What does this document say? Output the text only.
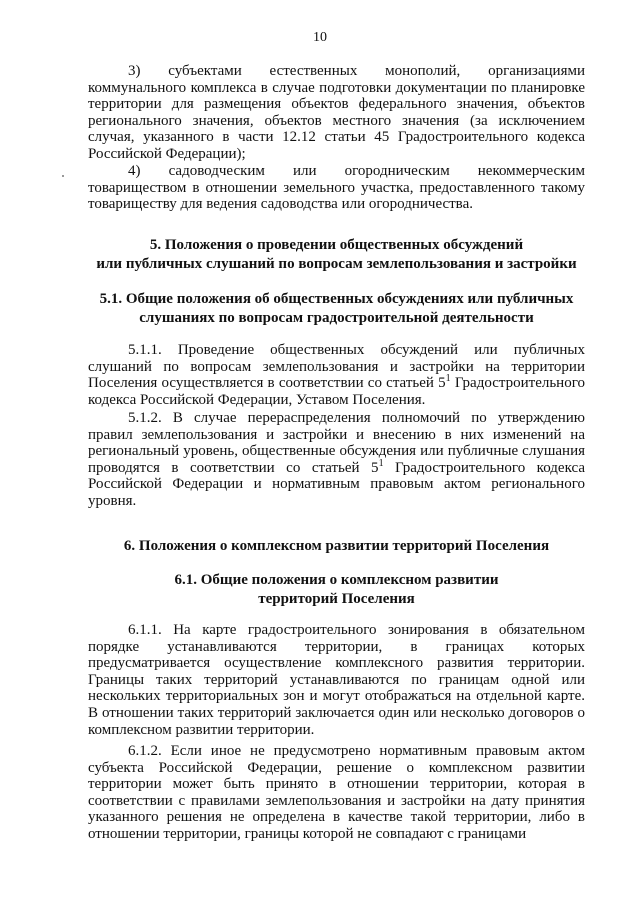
10

3) субъектами естественных монополий, организациями коммунального комплекса в случае подготовки документации по планировке территории для размещения объектов федерального значения, объектов регионального значения, объектов местного значения (за исключением случая, указанного в части 12.12 статьи 45 Градостроительного кодекса Российской Федерации);

4) садоводческим или огородническим некоммерческим товариществом в отношении земельного участка, предоставленного такому товариществу для ведения садоводства или огородничества.

5. Положения о проведении общественных обсуждений

или публичных слушаний по вопросам землепользования и застройки

5.1. Общие положения об общественных обсуждениях или публичных

слушаниях по вопросам градостроительной деятельности

5.1.1. Проведение общественных обсуждений или публичных слушаний по вопросам землепользования и застройки на территории Поселения осуществляется в соответствии со статьей $5^1$ Градостроительного кодекса Российской Федерации, Уставом Поселения.

5.1.2. В случае перераспределения полномочий по утверждению правил землепользования и застройки и внесению в них изменений на региональный уровень, общественные обсуждения или публичные слушания проводятся в соответствии со статьей $5^1$ Градостроительного кодекса Российской Федерации и нормативным правовым актом регионального уровня.

6. Положения о комплексном развитии территорий Поселения

6.1. Общие положения о комплексном развитии

территорий Поселения

6.1.1. На карте градостроительного зонирования в обязательном порядке устанавливаются территории, в границах которых предусматривается осуществление комплексного развития территории. Границы таких территорий устанавливаются по границам одной или нескольких территориальных зон и могут отображаться на отдельной карте. В отношении таких территорий заключается один или несколько договоров о комплексном развитии территории.

6.1.2. Если иное не предусмотрено нормативным правовым актом субъекта Российской Федерации, решение о комплексном развитии территории может быть принято в отношении территории, которая в соответствии с правилами землепользования и застройки на дату принятия указанного решения не определена в качестве такой территории, либо в отношении территории, границы которой не совпадают с границами
